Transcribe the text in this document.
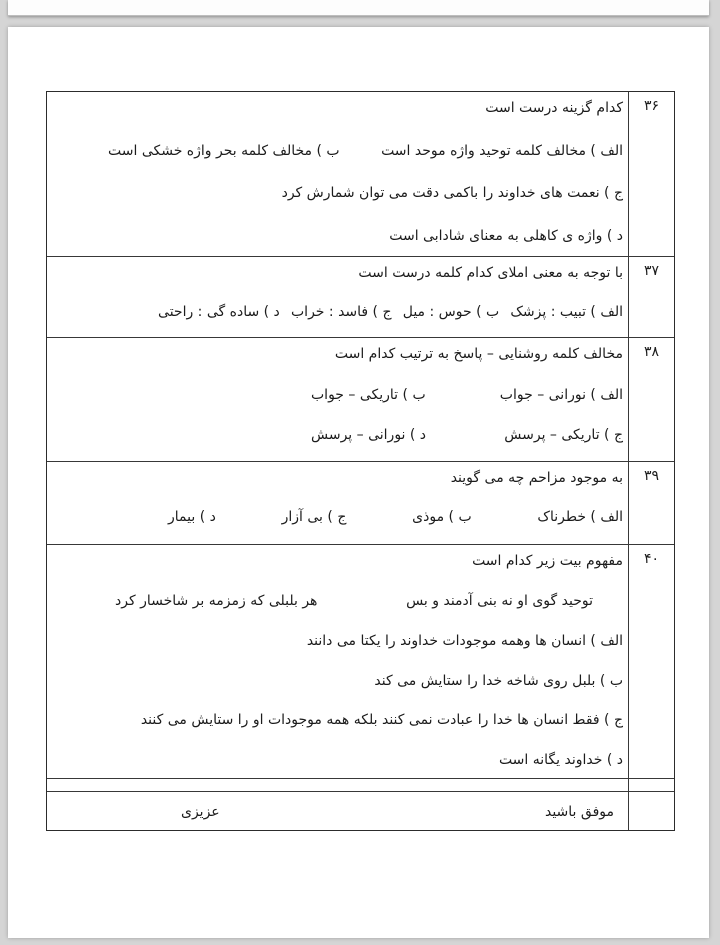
۳۶
کدام گزینه درست است
الف ) مخالف کلمه توحید واژه موحد است
ب ) مخالف کلمه بحر واژه خشکی است
ج ) نعمت های خداوند را باکمی دقت می توان شمارش کرد
د ) واژه ی کاهلی به معنای شادابی است
۳۷
با توجه به معنی املای کدام کلمه درست است
الف ) تبیب : پزشک
ب ) حوس : میل
ج ) فاسد : خراب
د ) ساده گی : راحتی
۳۸
مخالف کلمه روشنایی – پاسخ به ترتیب کدام است
الف ) نورانی – جواب
ب ) تاریکی – جواب
ج ) تاریکی – پرسش
د ) نورانی – پرسش
۳۹
به موجود مزاحم چه می گویند
الف ) خطرناک
ب ) موذی
ج ) بی آزار
د ) بیمار
۴۰
مفهوم بیت زیر کدام است
توحید گوی او نه بنی آدمند و بس
هر بلبلی که زمزمه بر شاخسار کرد
الف ) انسان ها وهمه موجودات خداوند را یکتا می دانند
ب ) بلبل روی شاخه خدا را ستایش می کند
ج ) فقط انسان ها خدا را عبادت نمی کنند بلکه همه موجودات او را ستایش می کنند
د ) خداوند یگانه است
موفق باشید
عزیزی
